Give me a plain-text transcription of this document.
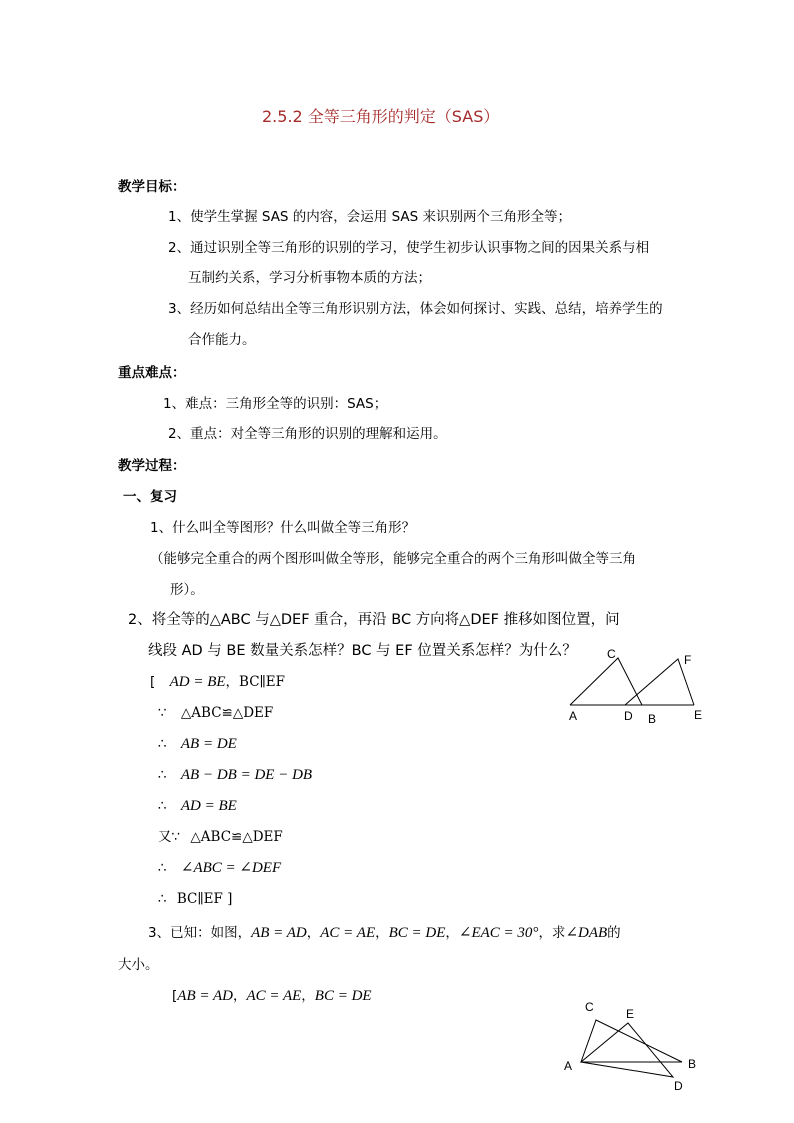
2.5.2 全等三角形的判定（SAS）
教学目标：
1、使学生掌握 SAS 的内容，会运用 SAS 来识别两个三角形全等；
2、通过识别全等三角形的识别的学习，使学生初步认识事物之间的因果关系与相
互制约关系，学习分析事物本质的方法；
3、经历如何总结出全等三角形识别方法，体会如何探讨、实践、总结，培养学生的
合作能力。
重点难点：
1、难点：三角形全等的识别：SAS；
2、重点：对全等三角形的识别的理解和运用。
教学过程：
一、复习
1、什么叫全等图形？什么叫做全等三角形？
（能够完全重合的两个图形叫做全等形，能够完全重合的两个三角形叫做全等三角
形）。
2、将全等的△ABC 与△DEF 重合，再沿 BC 方向将△DEF 推移如图位置，问
线段 AD 与 BE 数量关系怎样？BC 与 EF 位置关系怎样？为什么？
[ AD = BE，BC∥EF
∵ △ABC≌△DEF
∴ AB = DE
∴ AB − DB = DE − DB
∴ AD = BE
又∵ △ABC≌△DEF
∴ ∠ABC = ∠DEF
∴ BC∥EF ]
3、已知：如图，AB = AD，AC = AE，BC = DE，∠EAC = 30°，求∠DAB的
大小。
[AB = AD，AC = AE，BC = DE
A
C
D B
F
E
C	E
A	B
D
